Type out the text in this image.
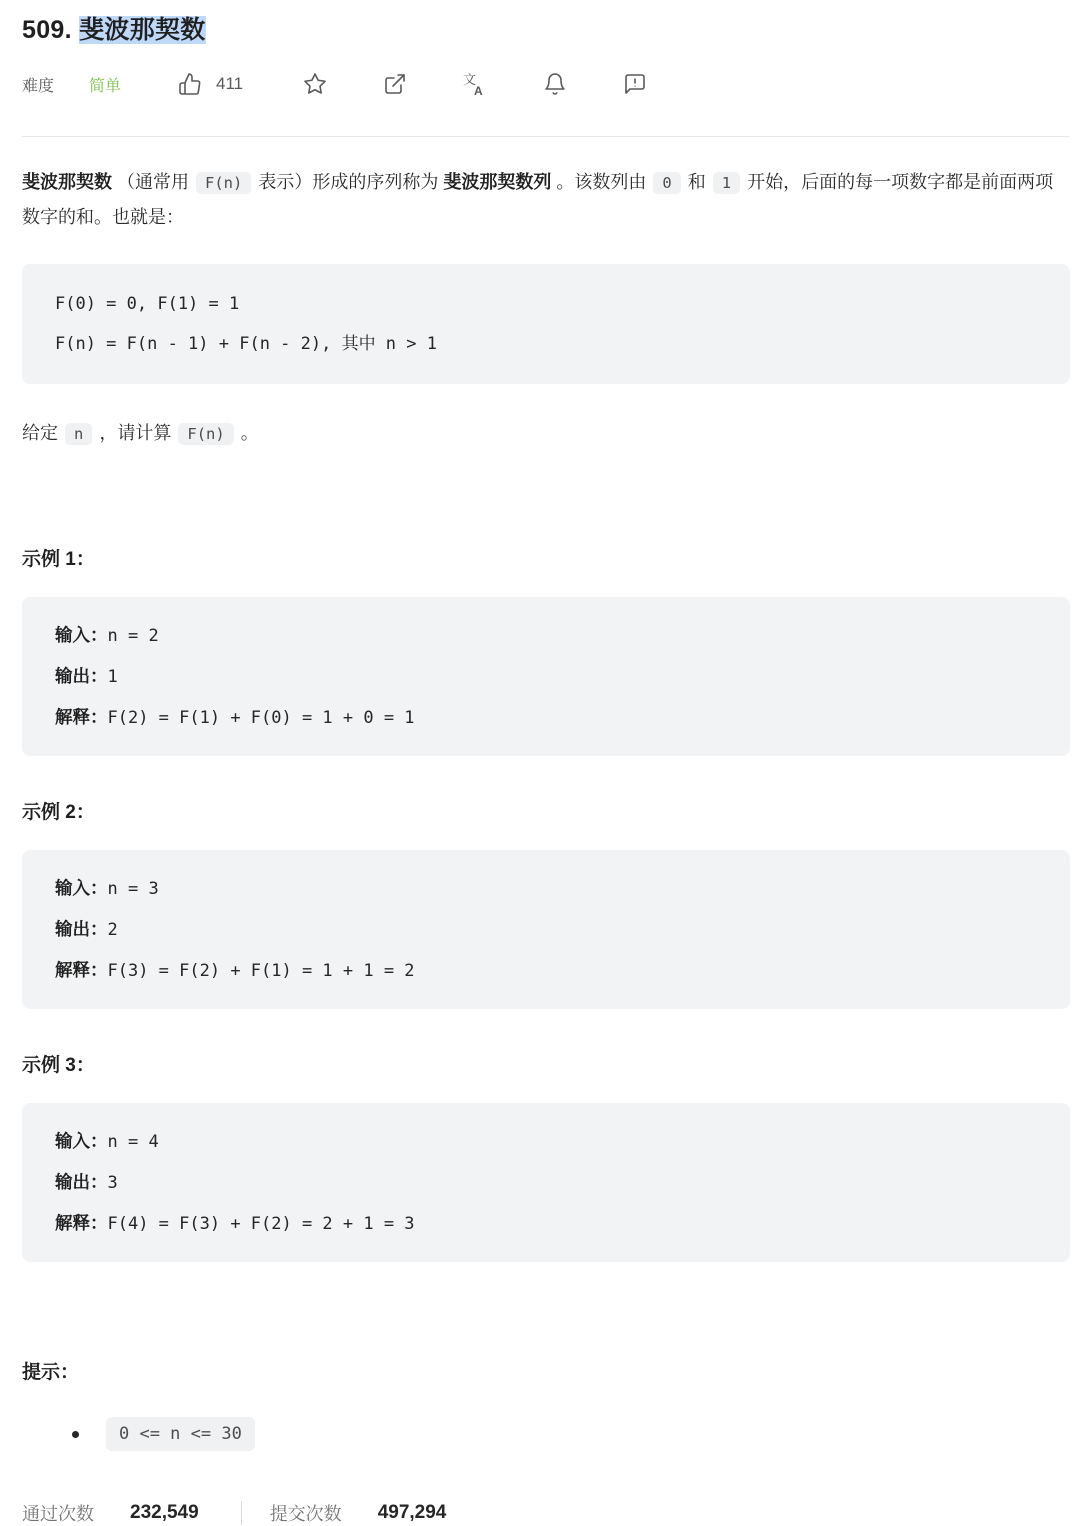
509. 斐波那契数
难度 简单	411	文
A

斐波那契数 （通常用 F(n) 表示）形成的序列称为 斐波那契数列 。该数列由 0 和 1 开始，后面的每一项数字都是前面两项数字的和。也就是：

F(0) = 0, F(1) = 1
F(n) = F(n - 1) + F(n - 2), 其中 n > 1

给定 n ，请计算 F(n) 。

示例 1：
输入：n = 2
输出：1
解释：F(2) = F(1) + F(0) = 1 + 0 = 1
示例 2：
输入：n = 3
输出：2
解释：F(3) = F(2) + F(1) = 1 + 1 = 2
示例 3：
输入：n = 4
输出：3
解释：F(4) = F(3) + F(2) = 2 + 1 = 3
提示：
0 <= n <= 30
通过次数 232,549	提交次数 497,294
